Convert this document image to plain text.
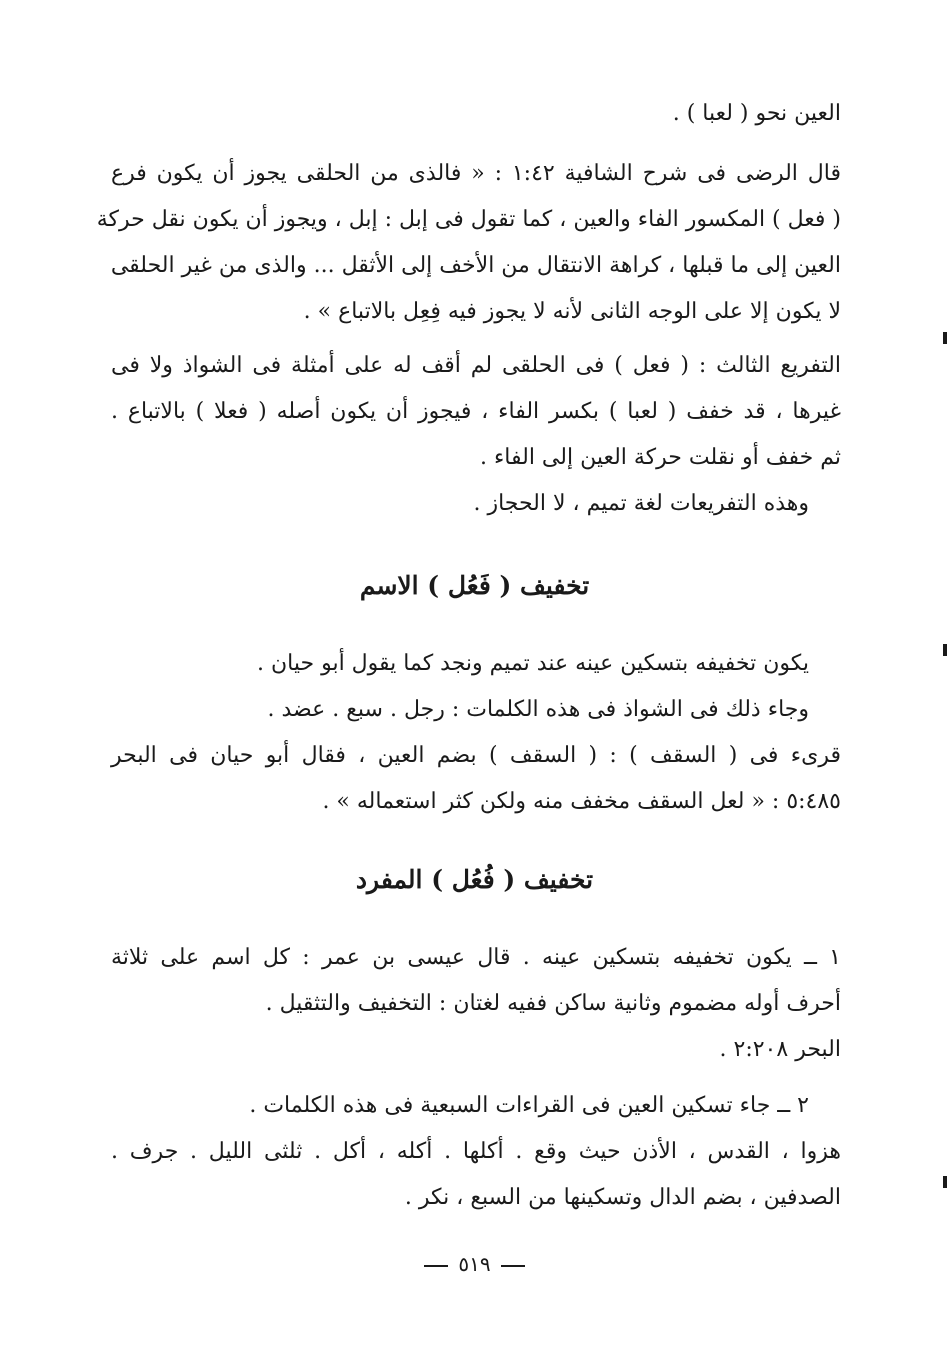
العين نحو ( لعبا ) .
قال الرضى فى شرح الشافية ١:٤٢ : « فالذى من الحلقى يجوز أن يكون فرع
( فعل ) المكسور الفاء والعين ، كما تقول فى إبل : إبل ، ويجوز أن يكون نقل حركة
العين إلى ما قبلها ، كراهة الانتقال من الأخف إلى الأثقل ... والذى من غير الحلقى
لا يكون إلا على الوجه الثانى لأنه لا يجوز فيه فِعِل بالاتباع » .
التفريع الثالث : ( فعل ) فى الحلقى لم أقف له على أمثلة فى الشواذ ولا فى
غيرها ، قد خفف ( لعبا ) بكسر الفاء ، فيجوز أن يكون أصله ( فعلا ) بالاتباع .
ثم خفف أو نقلت حركة العين إلى الفاء .
وهذه التفريعات لغة تميم ، لا الحجاز .
تخفيف ( فَعُل ) الاسم
يكون تخفيفه بتسكين عينه عند تميم ونجد كما يقول أبو حيان .
وجاء ذلك فى الشواذ فى هذه الكلمات : رجل . سبع . عضد .
قرىء فى ( السقف ) : ( السقف ) بضم العين ، فقال أبو حيان فى البحر
٥:٤٨٥ : « لعل السقف مخفف منه ولكن كثر استعماله » .
تخفيف ( فُعُل ) المفرد
١ ــ يكون تخفيفه بتسكين عينه . قال عيسى بن عمر : كل اسم على ثلاثة
أحرف أوله مضموم وثانية ساكن ففيه لغتان : التخفيف والتثقيل .
البحر ٢:٢٠٨ .
٢ ــ جاء تسكين العين فى القراءات السبعية فى هذه الكلمات .
هزوا ، القدس ، الأذن حيث وقع . أكلها . أكله ، أكل . ثلثى الليل . جرف .
الصدفين ، بضم الدال وتسكينها من السبع ، نكر .
٥١٩
